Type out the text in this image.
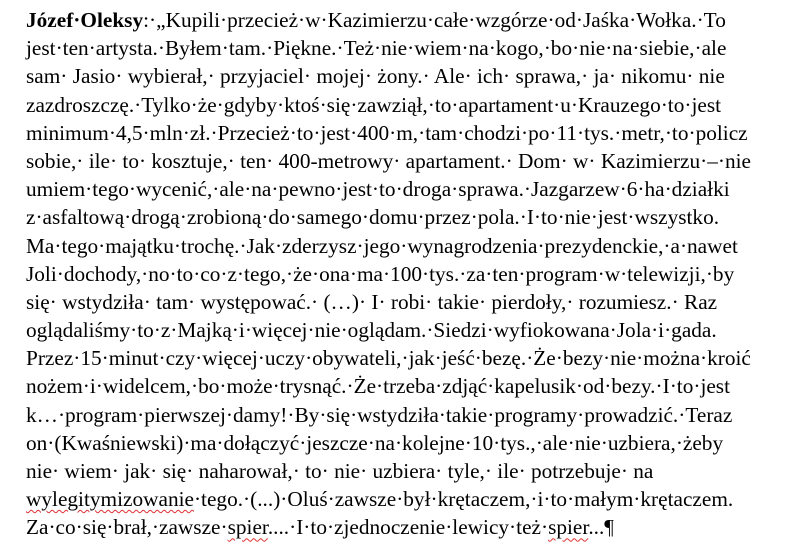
Józef·Oleksy:·„Kupili·przecież·w·Kazimierzu·całe·wzgórze·od·Jaśka·Wołka.·To
jest·ten·artysta.·Byłem·tam.·Piękne.·Też·nie·wiem·na·kogo,·bo·nie·na·siebie,·ale
sam· Jasio· wybierał,· przyjaciel· mojej· żony.· Ale· ich· sprawa,· ja· nikomu· nie
zazdroszczę.·Tylko·że·gdyby·ktoś·się·zawziął,·to·apartament·u·Krauzego·to·jest
minimum·4,5·mln·zł.·Przecież·to·jest·400·m,·tam·chodzi·po·11·tys.·metr,·to·policz
sobie,· ile· to· kosztuje,· ten· 400-metrowy· apartament.· Dom· w· Kazimierzu·–·nie
umiem·tego·wycenić,·ale·na·pewno·jest·to·droga·sprawa.·Jazgarzew·6·ha·działki
z·asfaltową·drogą·zrobioną·do·samego·domu·przez·pola.·I·to·nie·jest·wszystko.
Ma·tego·majątku·trochę.·Jak·zderzysz·jego·wynagrodzenia·prezydenckie,·a·nawet
Joli·dochody,·no·to·co·z·tego,·że·ona·ma·100·tys.·za·ten·program·w·telewizji,·by
się· wstydziła· tam· występować.· (…)· I· robi· takie· pierdoły,· rozumiesz.· Raz
oglądaliśmy·to·z·Majką·i·więcej·nie·oglądam.·Siedzi·wyfiokowana·Jola·i·gada.
Przez·15·minut·czy·więcej·uczy·obywateli,·jak·jeść·bezę.·Że·bezy·nie·można·kroić
nożem·i·widelcem,·bo·może·trysnąć.·Że·trzeba·zdjąć·kapelusik·od·bezy.·I·to·jest
k…·program·pierwszej·damy!·By·się·wstydziła·takie·programy·prowadzić.·Teraz
on·(Kwaśniewski)·ma·dołączyć·jeszcze·na·kolejne·10·tys.,·ale·nie·uzbiera,·żeby
nie· wiem· jak· się· naharował,· to· nie· uzbiera· tyle,· ile· potrzebuje· na
wylegitymizowanie·tego.·(...)·Oluś·zawsze·był·krętaczem,·i·to·małym·krętaczem.
Za·co·się·brał,·zawsze·spier....·I·to·zjednoczenie·lewicy·też·spier...¶
